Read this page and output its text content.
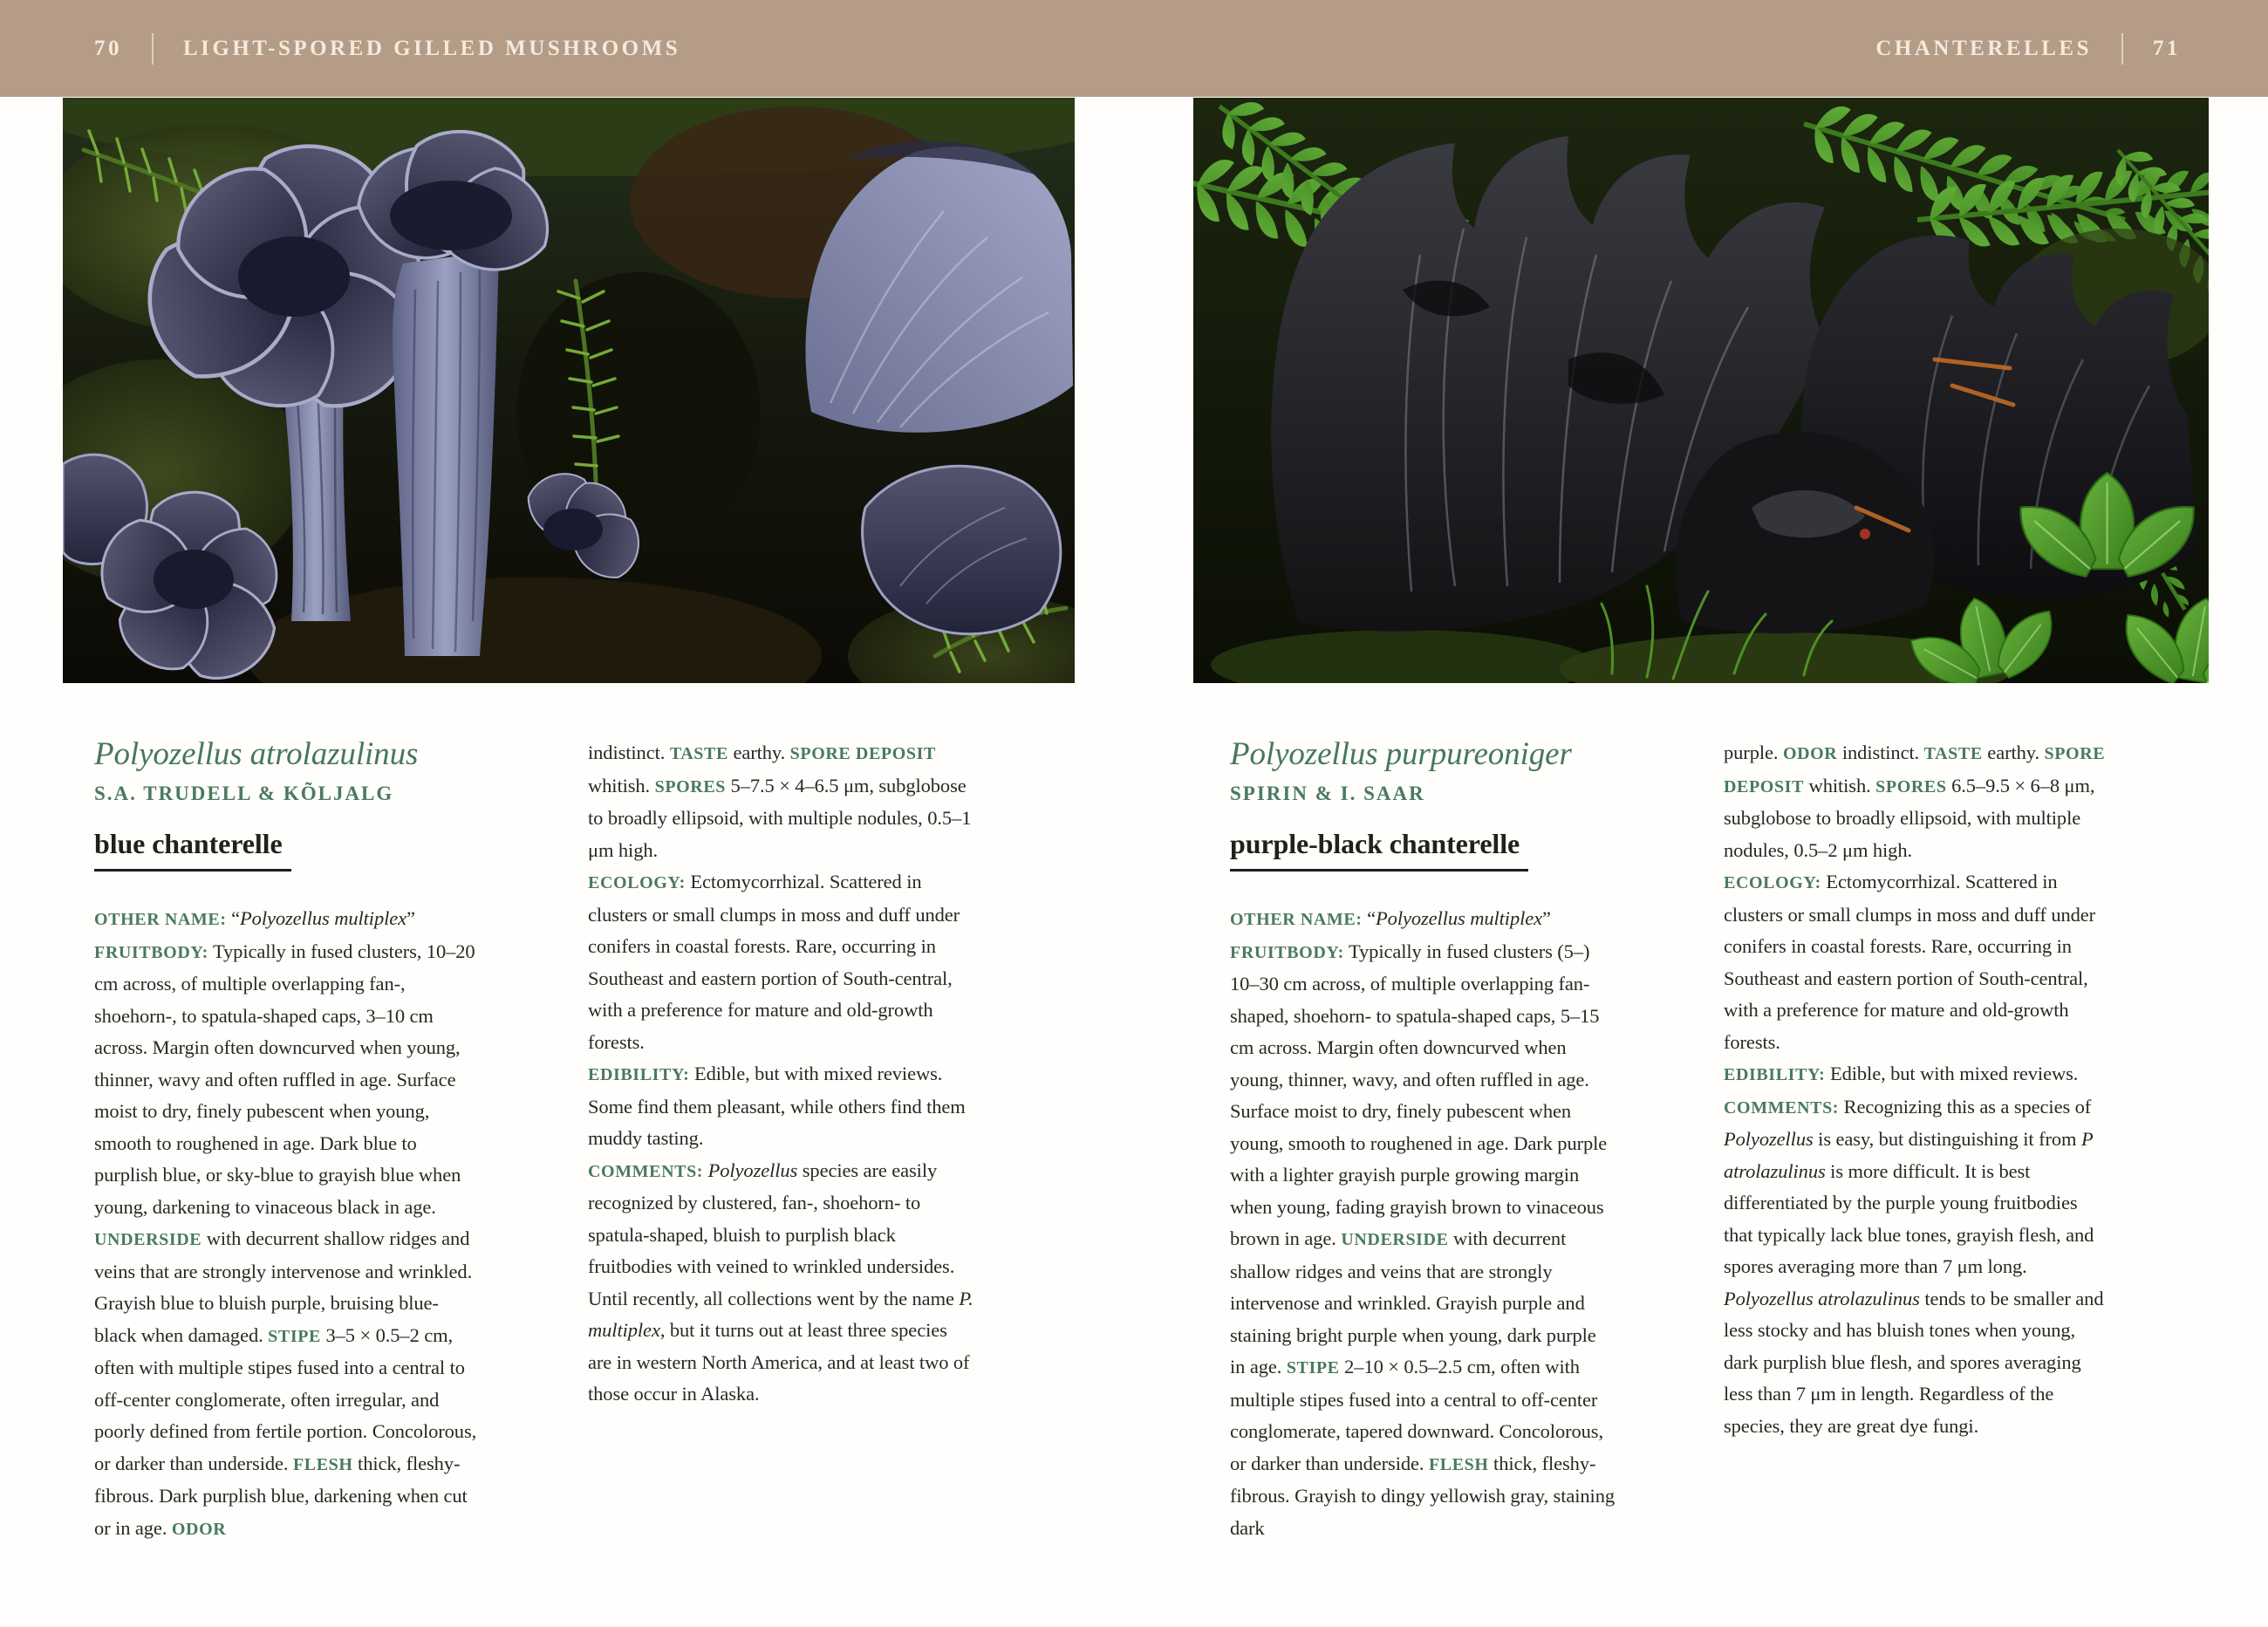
70	LIGHT-SPORED GILLED MUSHROOMS	CHANTERELLES	71
Polyozellus atrolazulinus
S.A. TRUDELL & KÕLJALG
blue chanterelle

OTHER NAME: “Polyozellus multiplex”

FRUITBODY: Typically in fused clusters, 10–20 cm across, of multiple overlapping fan-, shoehorn-, to spatula-shaped caps, 3–10 cm across. Margin often downcurved when young, thinner, wavy and often ruffled in age. Surface moist to dry, finely pubescent when young, smooth to roughened in age. Dark blue to purplish blue, or sky-blue to grayish blue when young, darkening to vinaceous black in age. UNDERSIDE with decurrent shallow ridges and veins that are strongly intervenose and wrinkled. Grayish blue to bluish purple, bruising blue-black when damaged. STIPE 3–5 × 0.5–2 cm, often with multiple stipes fused into a central to off-center conglomerate, often irregular, and poorly defined from fertile portion. Concolorous, or darker than underside. FLESH thick, fleshy-fibrous. Dark purplish blue, darkening when cut or in age. ODOR

indistinct. TASTE earthy. SPORE DEPOSIT whitish. SPORES 5–7.5 × 4–6.5 μm, subglobose to broadly ellipsoid, with multiple nodules, 0.5–1 μm high.

ECOLOGY: Ectomycorrhizal. Scattered in clusters or small clumps in moss and duff under conifers in coastal forests. Rare, occurring in Southeast and eastern portion of South-central, with a preference for mature and old-growth forests.

EDIBILITY: Edible, but with mixed reviews. Some find them pleasant, while others find them muddy tasting.

COMMENTS: Polyozellus species are easily recognized by clustered, fan-, shoehorn- to spatula-shaped, bluish to purplish black fruitbodies with veined to wrinkled undersides. Until recently, all collections went by the name P. multiplex, but it turns out at least three species are in western North America, and at least two of those occur in Alaska.

Polyozellus purpureoniger
SPIRIN & I. SAAR
purple-black chanterelle

OTHER NAME: “Polyozellus multiplex”

FRUITBODY: Typically in fused clusters (5–) 10–30 cm across, of multiple overlapping fan-shaped, shoehorn- to spatula-shaped caps, 5–15 cm across. Margin often downcurved when young, thinner, wavy, and often ruffled in age. Surface moist to dry, finely pubescent when young, smooth to roughened in age. Dark purple with a lighter grayish purple growing margin when young, fading grayish brown to vinaceous brown in age. UNDERSIDE with decurrent shallow ridges and veins that are strongly intervenose and wrinkled. Grayish purple and staining bright purple when young, dark purple in age. STIPE 2–10 × 0.5–2.5 cm, often with multiple stipes fused into a central to off-center conglomerate, tapered downward. Concolorous, or darker than underside. FLESH thick, fleshy-fibrous. Grayish to dingy yellowish gray, staining dark

purple. ODOR indistinct. TASTE earthy. SPORE DEPOSIT whitish. SPORES 6.5–9.5 × 6–8 μm, subglobose to broadly ellipsoid, with multiple nodules, 0.5–2 μm high.

ECOLOGY: Ectomycorrhizal. Scattered in clusters or small clumps in moss and duff under conifers in coastal forests. Rare, occurring in Southeast and eastern portion of South-central, with a preference for mature and old-growth forests.

EDIBILITY: Edible, but with mixed reviews.

COMMENTS: Recognizing this as a species of Polyozellus is easy, but distinguishing it from P atrolazulinus is more difficult. It is best differentiated by the purple young fruitbodies that typically lack blue tones, grayish flesh, and spores averaging more than 7 μm long. Polyozellus atrolazulinus tends to be smaller and less stocky and has bluish tones when young, dark purplish blue flesh, and spores averaging less than 7 μm in length. Regardless of the species, they are great dye fungi.
